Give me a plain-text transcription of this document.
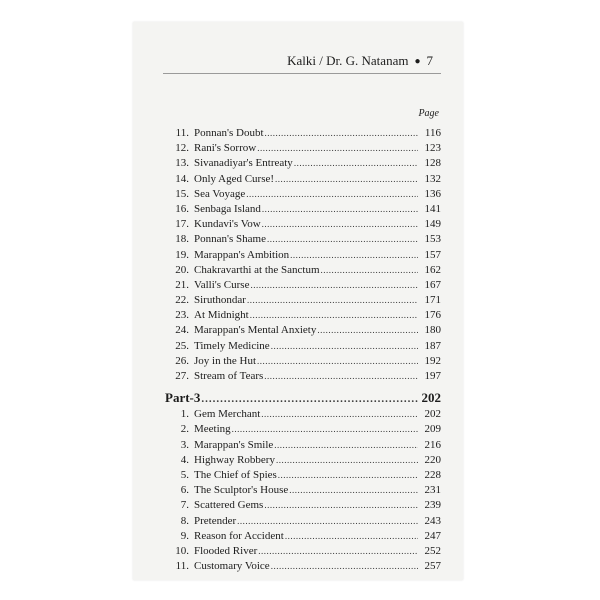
Kalki / Dr. G. Natanam ● 7
Page
11. Ponnan's Doubt .....	116
12. Rani's Sorrow .....	123
13. Sivanadiyar's Entreaty .....	128
14. Only Aged Curse! .....	132
15. Sea Voyage .....	136
16. Senbaga Island .....	141
17. Kundavi's Vow .....	149
18. Ponnan's Shame .....	153
19. Marappan's Ambition .....	157
20. Chakravarthi at the Sanctum .....	162
21. Valli's Curse .....	167
22. Siruthondar .....	171
23. At Midnight .....	176
24. Marappan's Mental Anxiety .....	180
25. Timely Medicine .....	187
26. Joy in the Hut .....	192
27. Stream of Tears .....	197
Part-3 .....	202
1. Gem Merchant .....	202
2. Meeting .....	209
3. Marappan's Smile .....	216
4. Highway Robbery .....	220
5. The Chief of Spies .....	228
6. The Sculptor's House .....	231
7. Scattered Gems .....	239
8. Pretender .....	243
9. Reason for Accident .....	247
10. Flooded River .....	252
11. Customary Voice .....	257
